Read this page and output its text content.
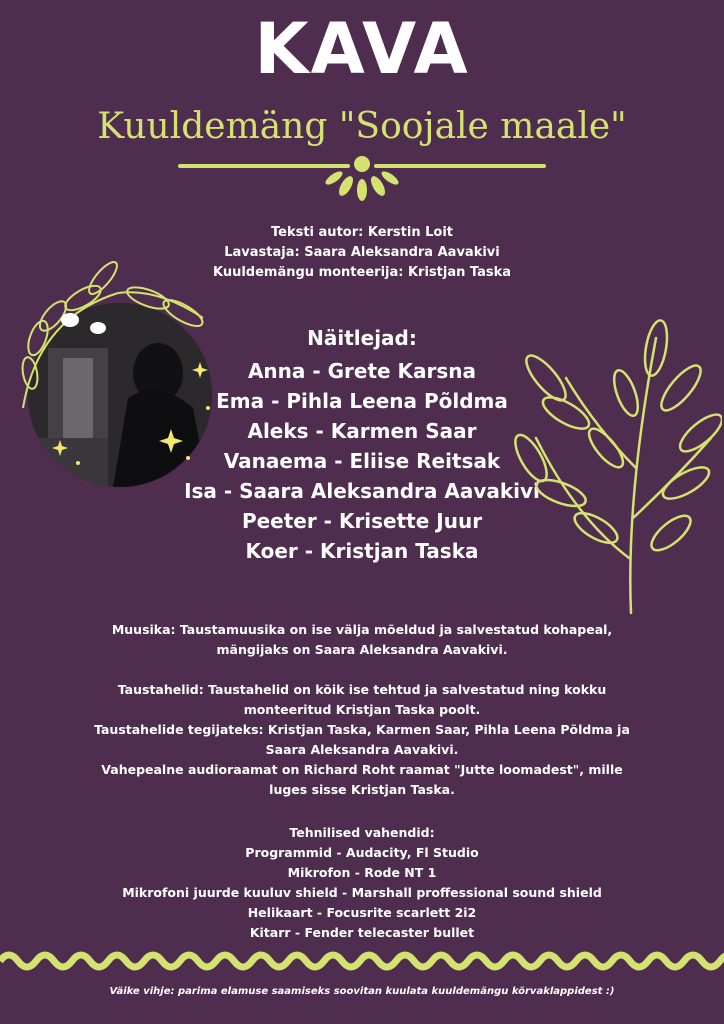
KAVA
Kuuldemäng "Soojale maale"
Teksti autor: Kerstin Loit
Lavastaja: Saara Aleksandra Aavakivi
Kuuldemängu monteerija: Kristjan Taska
Näitlejad:
Anna - Grete Karsna
Ema - Pihla Leena Põldma
Aleks - Karmen Saar
Vanaema - Eliise Reitsak
Isa - Saara Aleksandra Aavakivi
Peeter - Krisette Juur
Koer - Kristjan Taska
Muusika: Taustamuusika on ise välja mõeldud ja salvestatud kohapeal,
mängijaks on Saara Aleksandra Aavakivi.
Taustahelid: Taustahelid on kõik ise tehtud ja salvestatud ning kokku
monteeritud Kristjan Taska poolt.
Taustahelide tegijateks: Kristjan Taska, Karmen Saar, Pihla Leena Põldma ja
Saara Aleksandra Aavakivi.
Vahepealne audioraamat on Richard Roht raamat "Jutte loomadest", mille
luges sisse Kristjan Taska.
Tehnilised vahendid:
Programmid - Audacity, Fl Studio
Mikrofon - Rode NT 1
Mikrofoni juurde kuuluv shield - Marshall proffessional sound shield
Helikaart - Focusrite scarlett 2i2
Kitarr - Fender telecaster bullet
Väike vihje: parima elamuse saamiseks soovitan kuulata kuuldemängu kõrvaklappidest :)
